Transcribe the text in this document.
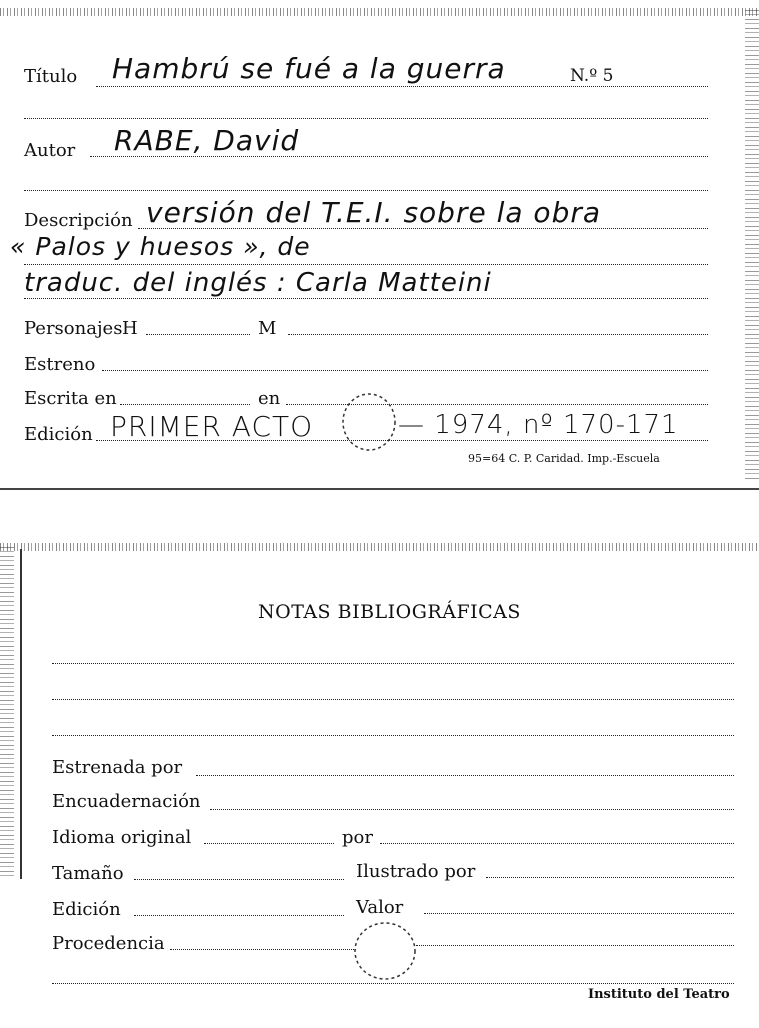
Título Hambrú se fué a la guerra	N.º 5
Autor RABE, David
Descripción versión del T.E.I. sobre la obra
« Palos y huesos », de
traduc. del inglés : Carla Matteini
Personajes H	M
Estreno
Escrita en	en
Edición PRIMER ACTO	— 1974, nº 170-171
95=64 C. P. Caridad. Imp.-Escuela
NOTAS BIBLIOGRÁFICAS
Estrenada por
Encuadernación
Idioma original	por
Tamaño	Ilustrado por
Edición	Valor
Procedencia
Instituto del Teatro
